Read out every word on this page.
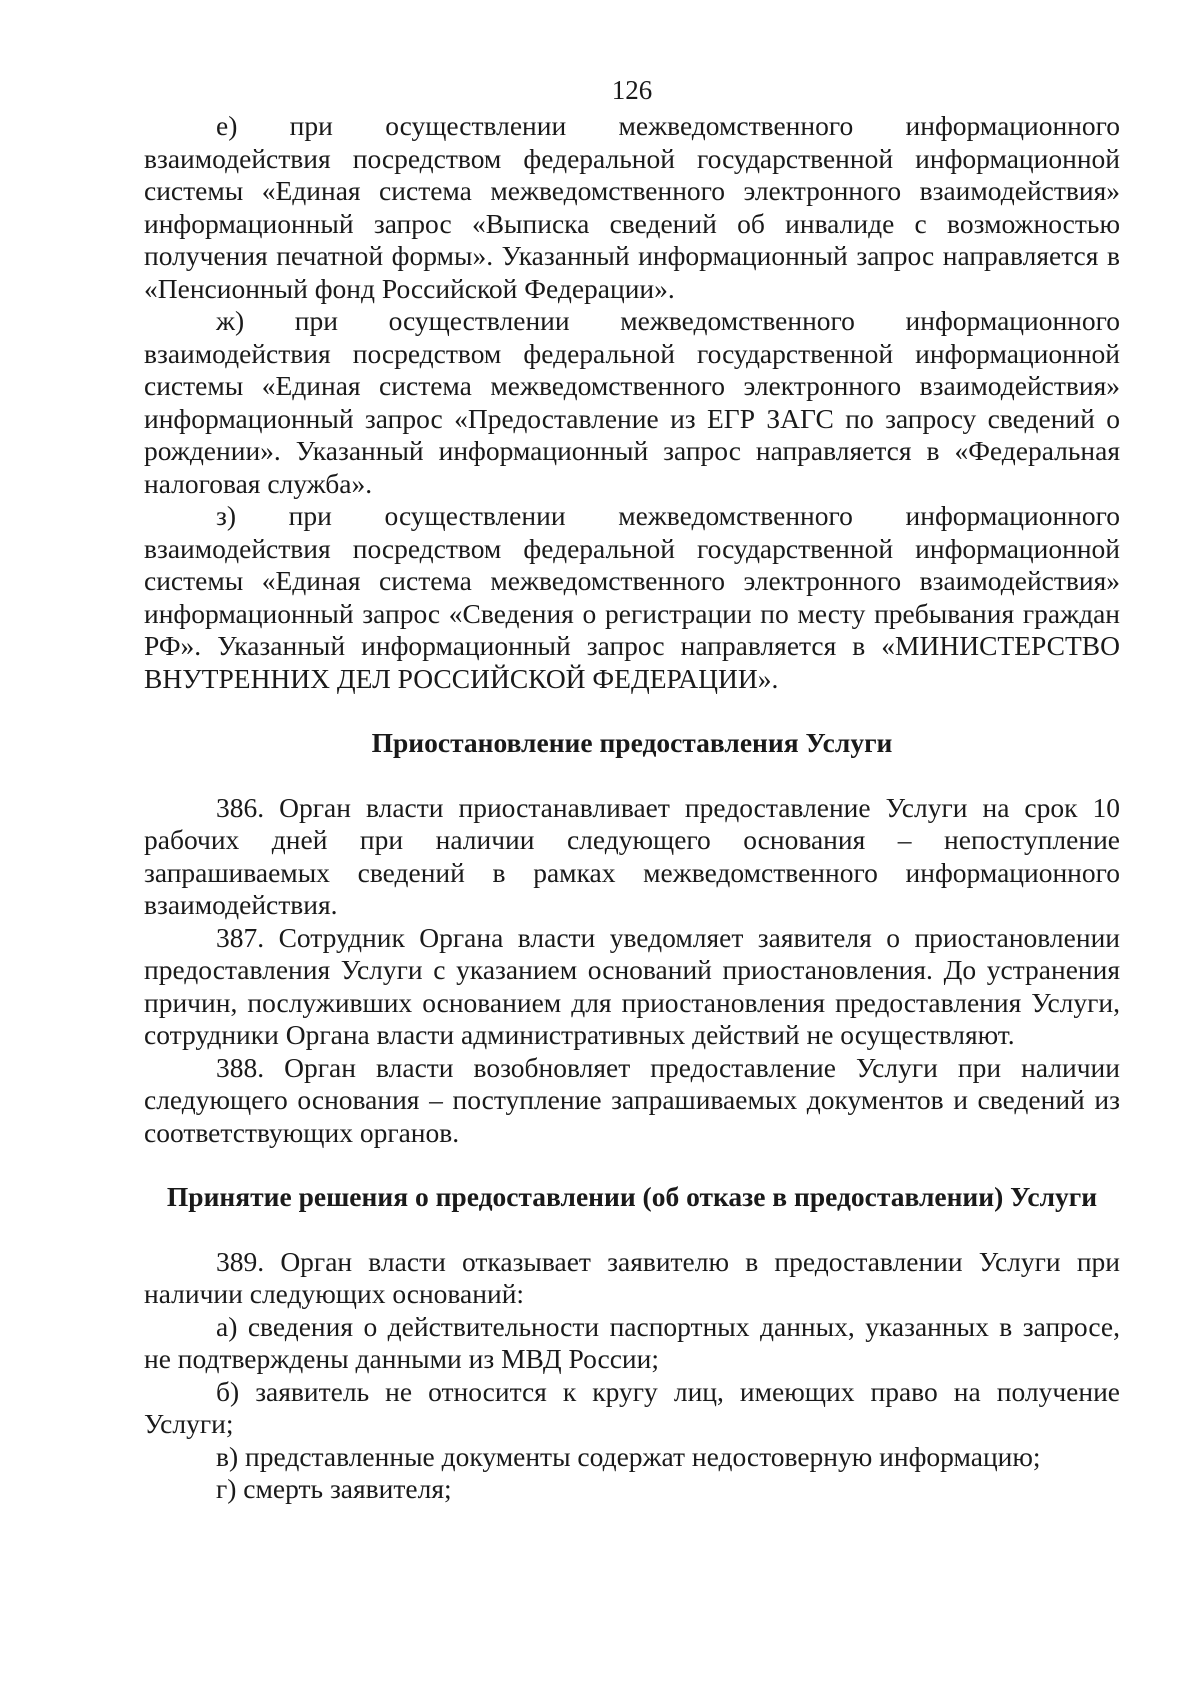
126

е) при осуществлении межведомственного информационного взаимодействия посредством федеральной государственной информационной системы «Единая система межведомственного электронного взаимодействия» информационный запрос «Выписка сведений об инвалиде с возможностью получения печатной формы». Указанный информационный запрос направляется в «Пенсионный фонд Российской Федерации».

ж) при осуществлении межведомственного информационного взаимодействия посредством федеральной государственной информационной системы «Единая система межведомственного электронного взаимодействия» информационный запрос «Предоставление из ЕГР ЗАГС по запросу сведений о рождении». Указанный информационный запрос направляется в «Федеральная налоговая служба».

з) при осуществлении межведомственного информационного взаимодействия посредством федеральной государственной информационной системы «Единая система межведомственного электронного взаимодействия» информационный запрос «Сведения о регистрации по месту пребывания граждан РФ». Указанный информационный запрос направляется в «МИНИСТЕРСТВО ВНУТРЕННИХ ДЕЛ РОССИЙСКОЙ ФЕДЕРАЦИИ».

Приостановление предоставления Услуги

386. Орган власти приостанавливает предоставление Услуги на срок 10 рабочих дней при наличии следующего основания – непоступление запрашиваемых сведений в рамках межведомственного информационного взаимодействия.

387. Сотрудник Органа власти уведомляет заявителя о приостановлении предоставления Услуги с указанием оснований приостановления. До устранения причин, послуживших основанием для приостановления предоставления Услуги, сотрудники Органа власти административных действий не осуществляют.

388. Орган власти возобновляет предоставление Услуги при наличии следующего основания – поступление запрашиваемых документов и сведений из соответствующих органов.

Принятие решения о предоставлении (об отказе в предоставлении) Услуги

389. Орган власти отказывает заявителю в предоставлении Услуги при наличии следующих оснований:

а) сведения о действительности паспортных данных, указанных в запросе, не подтверждены данными из МВД России;

б) заявитель не относится к кругу лиц, имеющих право на получение Услуги;

в) представленные документы содержат недостоверную информацию;

г) смерть заявителя;
